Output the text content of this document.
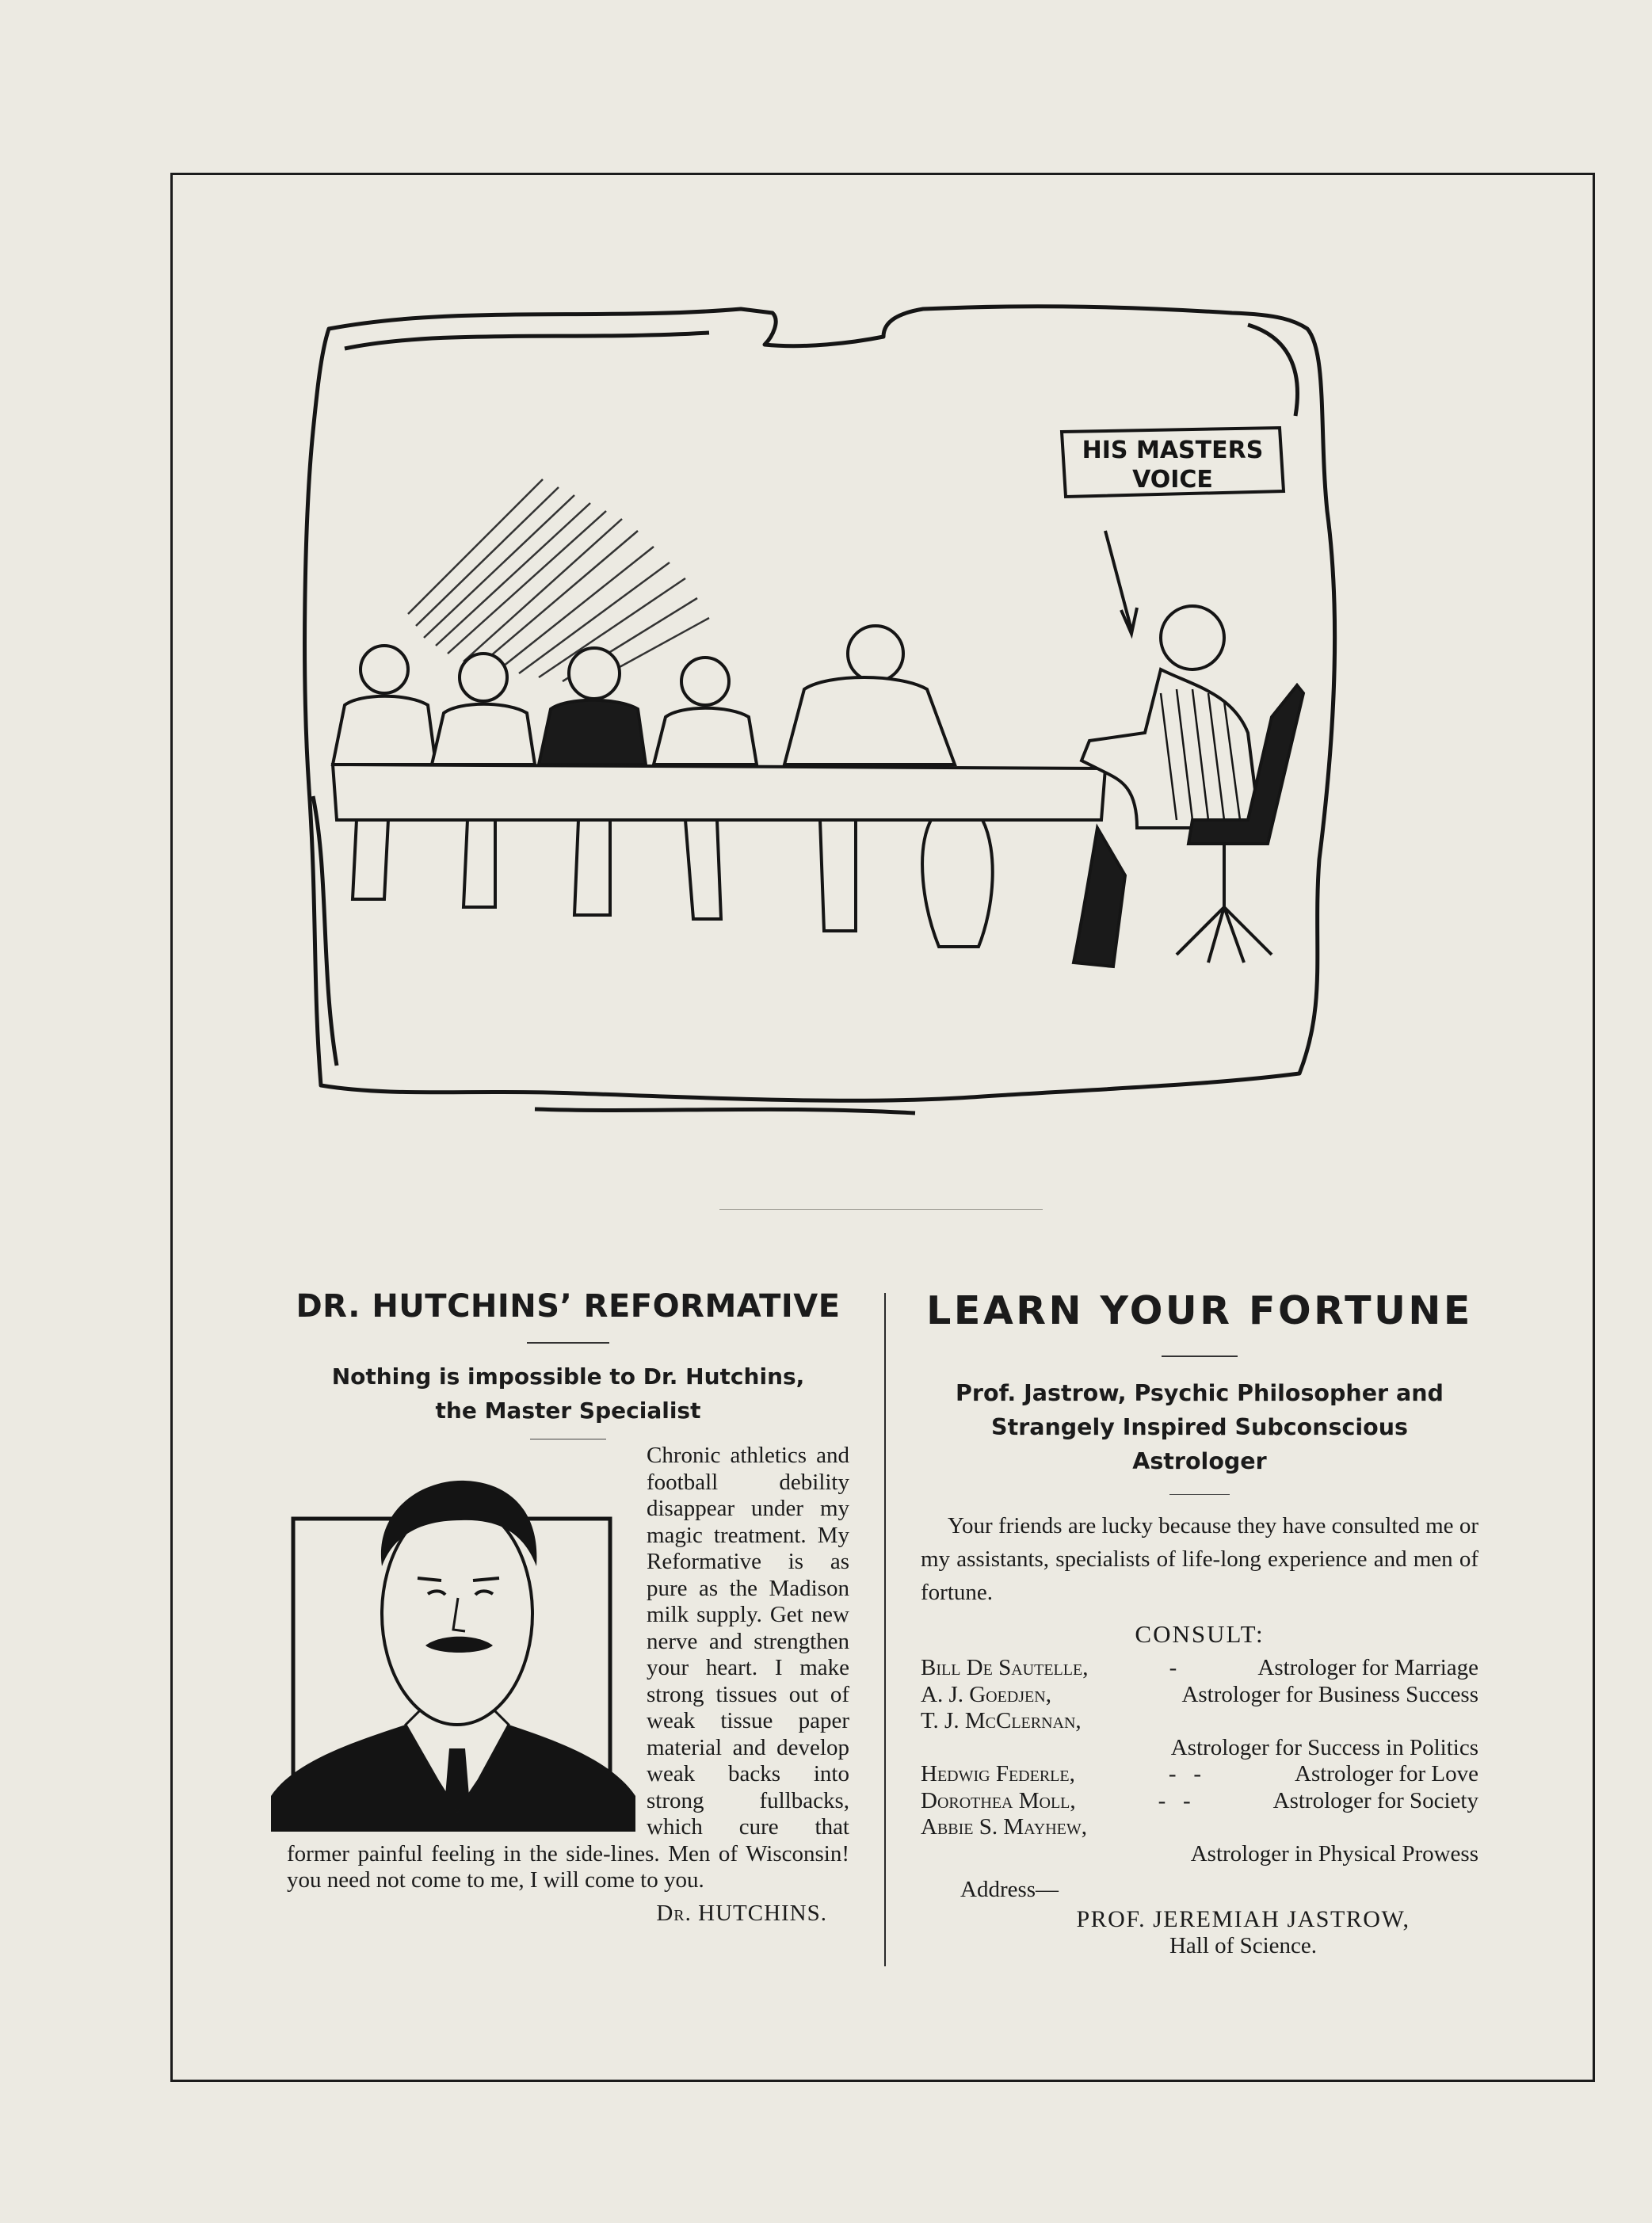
HIS MASTERS
VOICE
DR. HUTCHINS’ REFORMATIVE
Nothing is impossible to Dr. Hutchins,
the Master Specialist
Chronic athletics and football debility disappear under my magic treatment. My Reformative is as pure as the Madison milk supply. Get new nerve and strengthen your heart. I make strong tissues out of weak tissue paper material and develop weak backs into strong fullbacks, which cure that former painful feeling in the side-lines. Men of Wisconsin! you need not come to me, I will come to you.
Dr. HUTCHINS.
LEARN YOUR FORTUNE
Prof. Jastrow, Psychic Philosopher and
Strangely Inspired Subconscious
Astrologer
Your friends are lucky because they have consulted me or my assistants, specialists of life-long experience and men of fortune.
CONSULT:
Bill De Sautelle,	-	Astrologer for Marriage
A. J. Goedjen,	Astrologer for Business Success
T. J. McClernan,
Astrologer for Success in Politics
Hedwig Federle,	-   -	Astrologer for Love
Dorothea Moll,	-   -	Astrologer for Society
Abbie S. Mayhew,
Astrologer in Physical Prowess
Address—
PROF. JEREMIAH JASTROW,
Hall of Science.
